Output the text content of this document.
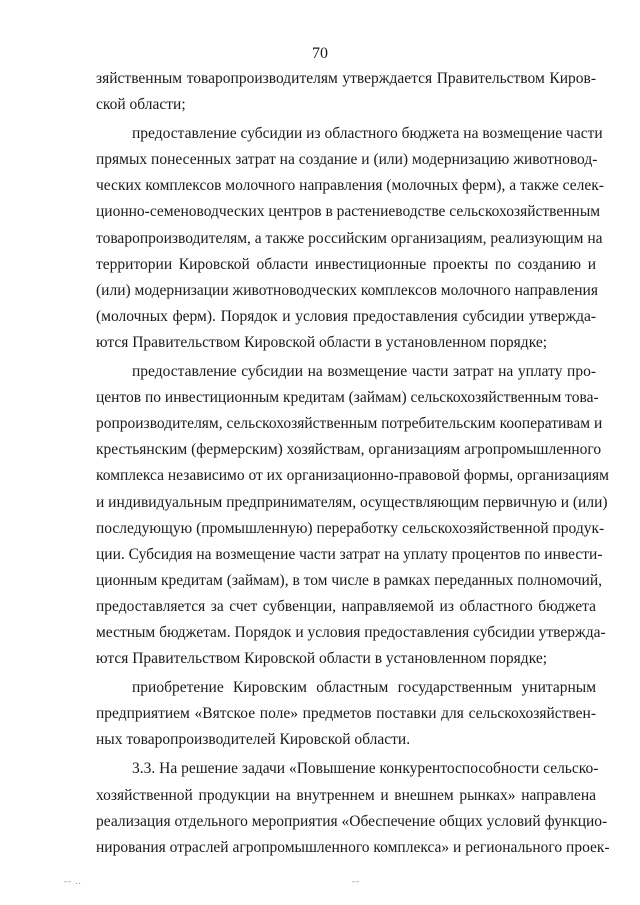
70
зяйственным товаропроизводителям утверждается Правительством Киров-
ской области;
предоставление субсидии из областного бюджета на возмещение части
прямых понесенных затрат на создание и (или) модернизацию животновод-
ческих комплексов молочного направления (молочных ферм), а также селек-
ционно-семеноводческих центров в растениеводстве сельскохозяйственным
товаропроизводителям, а также российским организациям, реализующим на
территории Кировской области инвестиционные проекты по созданию и
(или) модернизации животноводческих комплексов молочного направления
(молочных ферм). Порядок и условия предоставления субсидии утвержда-
ются Правительством Кировской области в установленном порядке;
предоставление субсидии на возмещение части затрат на уплату про-
центов по инвестиционным кредитам (займам) сельскохозяйственным това-
ропроизводителям, сельскохозяйственным потребительским кооперативам и
крестьянским (фермерским) хозяйствам, организациям агропромышленного
комплекса независимо от их организационно-правовой формы, организациям
и индивидуальным предпринимателям, осуществляющим первичную и (или)
последующую (промышленную) переработку сельскохозяйственной продук-
ции. Субсидия на возмещение части затрат на уплату процентов по инвести-
ционным кредитам (займам), в том числе в рамках переданных полномочий,
предоставляется за счет субвенции, направляемой из областного бюджета
местным бюджетам. Порядок и условия предоставления субсидии утвержда-
ются Правительством Кировской области в установленном порядке;
приобретение Кировским областным государственным унитарным
предприятием «Вятское поле» предметов поставки для сельскохозяйствен-
ных товаропроизводителей Кировской области.
3.3. На решение задачи «Повышение конкурентоспособности сельско-
хозяйственной продукции на внутреннем и внешнем рынках» направлена
реализация отдельного мероприятия «Обеспечение общих условий функцио-
нирования отраслей агропромышленного комплекса» и регионального проек-
-- ..	--
